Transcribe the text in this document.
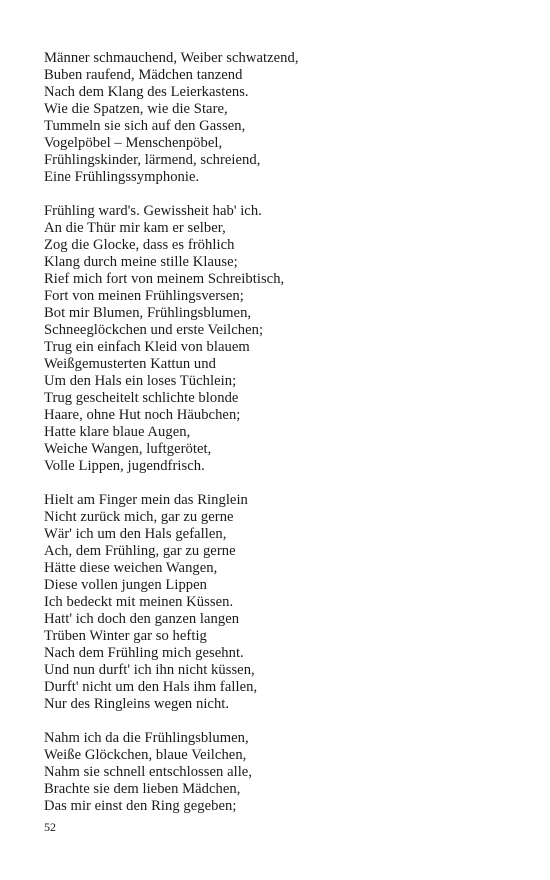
Männer schmauchend, Weiber schwatzend,
Buben raufend, Mädchen tanzend
Nach dem Klang des Leierkastens.
Wie die Spatzen, wie die Stare,
Tummeln sie sich auf den Gassen,
Vogelpöbel – Menschenpöbel,
Frühlingskinder, lärmend, schreiend,
Eine Frühlingssymphonie.
Frühling ward's. Gewissheit hab' ich.
An die Thür mir kam er selber,
Zog die Glocke, dass es fröhlich
Klang durch meine stille Klause;
Rief mich fort von meinem Schreibtisch,
Fort von meinen Frühlingsversen;
Bot mir Blumen, Frühlingsblumen,
Schneeglöckchen und erste Veilchen;
Trug ein einfach Kleid von blauem
Weißgemusterten Kattun und
Um den Hals ein loses Tüchlein;
Trug gescheitelt schlichte blonde
Haare, ohne Hut noch Häubchen;
Hatte klare blaue Augen,
Weiche Wangen, luftgerötet,
Volle Lippen, jugendfrisch.
Hielt am Finger mein das Ringlein
Nicht zurück mich, gar zu gerne
Wär' ich um den Hals gefallen,
Ach, dem Frühling, gar zu gerne
Hätte diese weichen Wangen,
Diese vollen jungen Lippen
Ich bedeckt mit meinen Küssen.
Hatt' ich doch den ganzen langen
Trüben Winter gar so heftig
Nach dem Frühling mich gesehnt.
Und nun durft' ich ihn nicht küssen,
Durft' nicht um den Hals ihm fallen,
Nur des Ringleins wegen nicht.
Nahm ich da die Frühlingsblumen,
Weiße Glöckchen, blaue Veilchen,
Nahm sie schnell entschlossen alle,
Brachte sie dem lieben Mädchen,
Das mir einst den Ring gegeben;
52
